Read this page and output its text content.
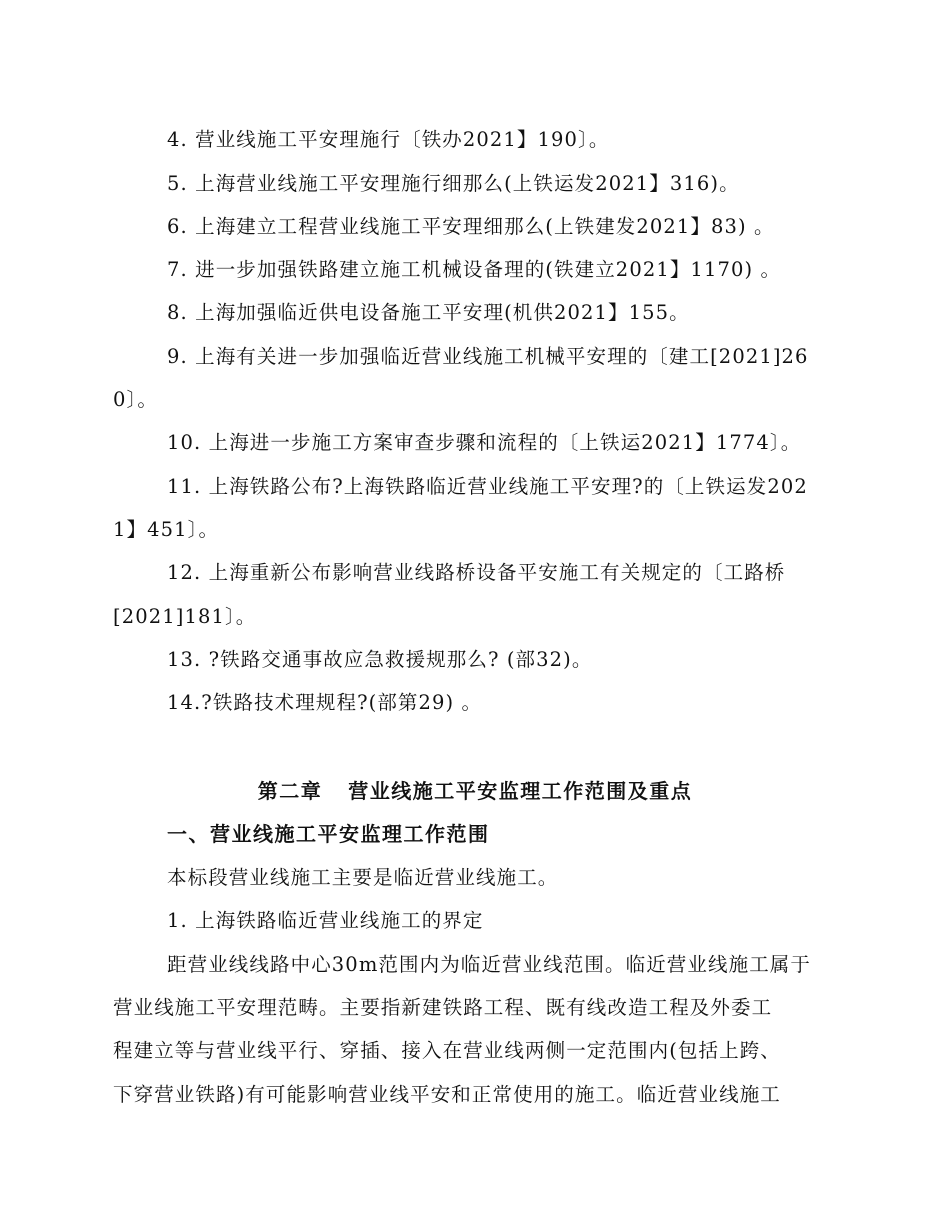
4. 营业线施工平安理施行〔铁办2021】190〕。
5. 上海营业线施工平安理施行细那么(上铁运发2021】316)。
6. 上海建立工程营业线施工平安理细那么(上铁建发2021】83) 。
7. 进一步加强铁路建立施工机械设备理的(铁建立2021】1170) 。
8. 上海加强临近供电设备施工平安理(机供2021】155。
9. 上海有关进一步加强临近营业线施工机械平安理的〔建工[2021]26
0〕。
10. 上海进一步施工方案审查步骤和流程的〔上铁运2021】1774〕。
11. 上海铁路公布?上海铁路临近营业线施工平安理?的〔上铁运发202
1】451〕。
12. 上海重新公布影响营业线路桥设备平安施工有关规定的〔工路桥
[2021]181〕。
13. ?铁路交通事故应急救援规那么? (部32)。
14.?铁路技术理规程?(部第29) 。
第二章 营业线施工平安监理工作范围及重点
一、营业线施工平安监理工作范围
本标段营业线施工主要是临近营业线施工。
1. 上海铁路临近营业线施工的界定
距营业线线路中心30m范围内为临近营业线范围。临近营业线施工属于
营业线施工平安理范畴。主要指新建铁路工程、既有线改造工程及外委工
程建立等与营业线平行、穿插、接入在营业线两侧一定范围内(包括上跨、
下穿营业铁路)有可能影响营业线平安和正常使用的施工。临近营业线施工
